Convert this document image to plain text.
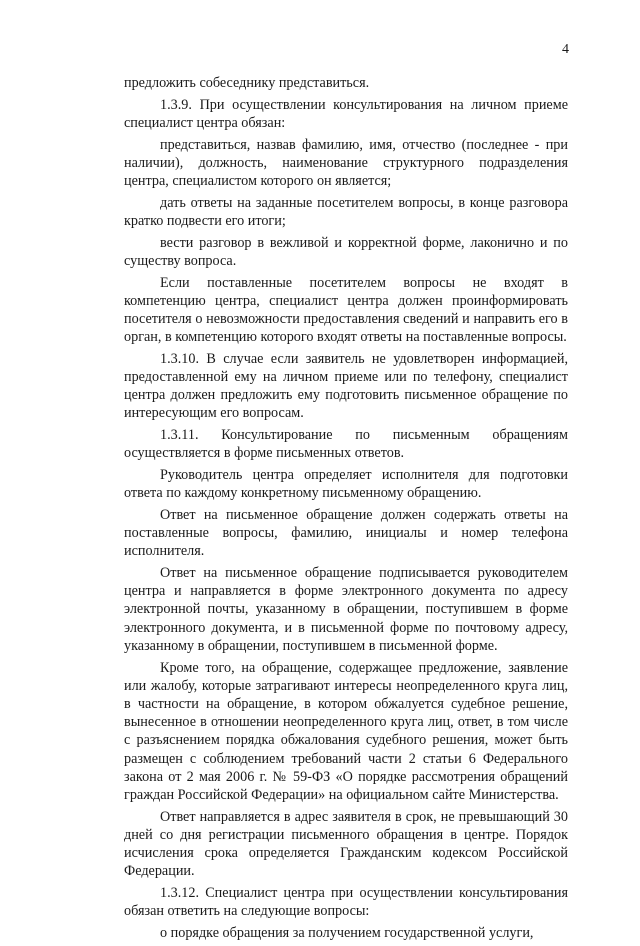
4

предложить собеседнику представиться.

1.3.9. При осуществлении консультирования на личном приеме специалист центра обязан:

представиться, назвав фамилию, имя, отчество (последнее - при наличии), должность, наименование структурного подразделения центра, специалистом которого он является;

дать ответы на заданные посетителем вопросы, в конце разговора кратко подвести его итоги;

вести разговор в вежливой и корректной форме, лаконично и по существу вопроса.

Если поставленные посетителем вопросы не входят в компетенцию центра, специалист центра должен проинформировать посетителя о невозможности предоставления сведений и направить его в орган, в компетенцию которого входят ответы на поставленные вопросы.

1.3.10. В случае если заявитель не удовлетворен информацией, предоставленной ему на личном приеме или по телефону, специалист центра должен предложить ему подготовить письменное обращение по интересующим его вопросам.

1.3.11. Консультирование по письменным обращениям осуществляется в форме письменных ответов.

Руководитель центра определяет исполнителя для подготовки ответа по каждому конкретному письменному обращению.

Ответ на письменное обращение должен содержать ответы на поставленные вопросы, фамилию, инициалы и номер телефона исполнителя.

Ответ на письменное обращение подписывается руководителем центра и направляется в форме электронного документа по адресу электронной почты, указанному в обращении, поступившем в форме электронного документа, и в письменной форме по почтовому адресу, указанному в обращении, поступившем в письменной форме.

Кроме того, на обращение, содержащее предложение, заявление или жалобу, которые затрагивают интересы неопределенного круга лиц, в частности на обращение, в котором обжалуется судебное решение, вынесенное в отношении неопределенного круга лиц, ответ, в том числе с разъяснением порядка обжалования судебного решения, может быть размещен с соблюдением требований части 2 статьи 6 Федерального закона от 2 мая 2006 г. № 59-ФЗ «О порядке рассмотрения обращений граждан Российской Федерации» на официальном сайте Министерства.

Ответ направляется в адрес заявителя в срок, не превышающий 30 дней со дня регистрации письменного обращения в центре. Порядок исчисления срока определяется Гражданским кодексом Российской Федерации.

1.3.12. Специалист центра при осуществлении консультирования обязан ответить на следующие вопросы:

о порядке обращения за получением государственной услуги,
